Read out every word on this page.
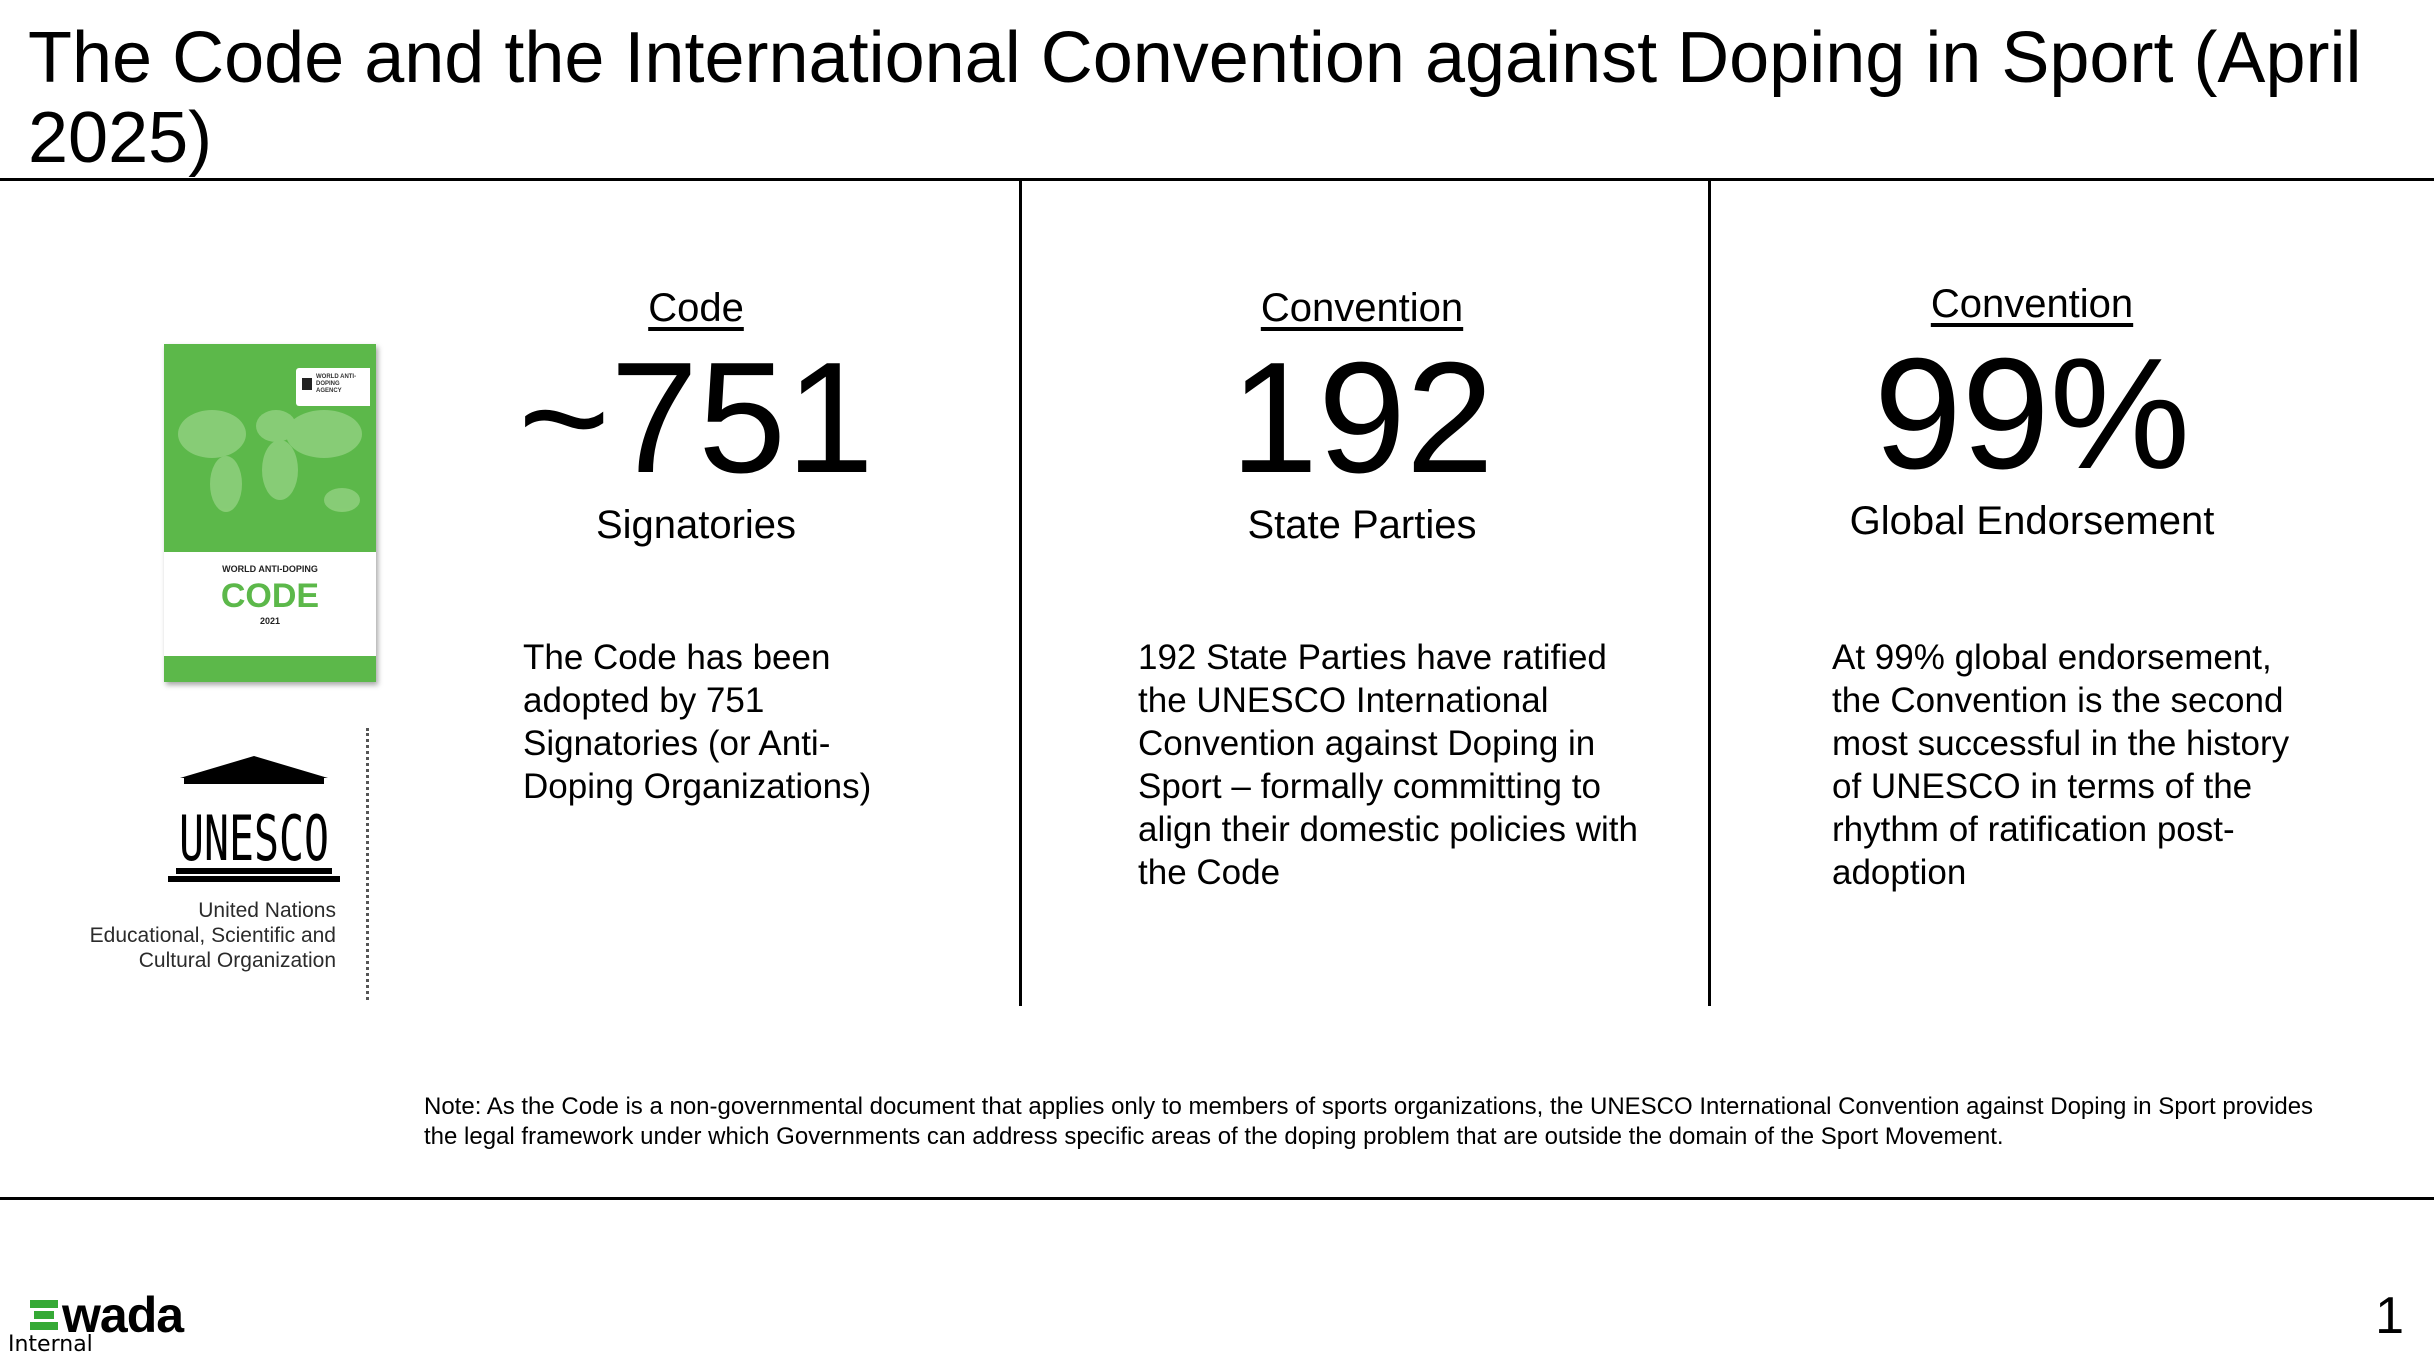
The Code and the International Convention against Doping in Sport (April 2025)
WORLD ANTI-DOPING AGENCY
WORLD ANTI-DOPING
CODE
2021
UNESCO
United Nations
Educational, Scientific and
Cultural Organization
Code
~751
Signatories
The Code has been adopted by 751 Signatories (or Anti-Doping Organizations)
Convention
192
State Parties
192 State Parties have ratified the UNESCO International Convention against Doping in Sport – formally committing to align their domestic policies with the Code
Convention
99%
Global Endorsement
At 99% global endorsement, the Convention is the second most successful in the history of UNESCO in terms of the rhythm of ratification post-adoption
Note: As the Code is a non-governmental document that applies only to members of sports organizations, the UNESCO International Convention against Doping in Sport provides the legal framework under which Governments can address specific areas of the doping problem that are outside the domain of the Sport Movement.
wada
Internal	1
